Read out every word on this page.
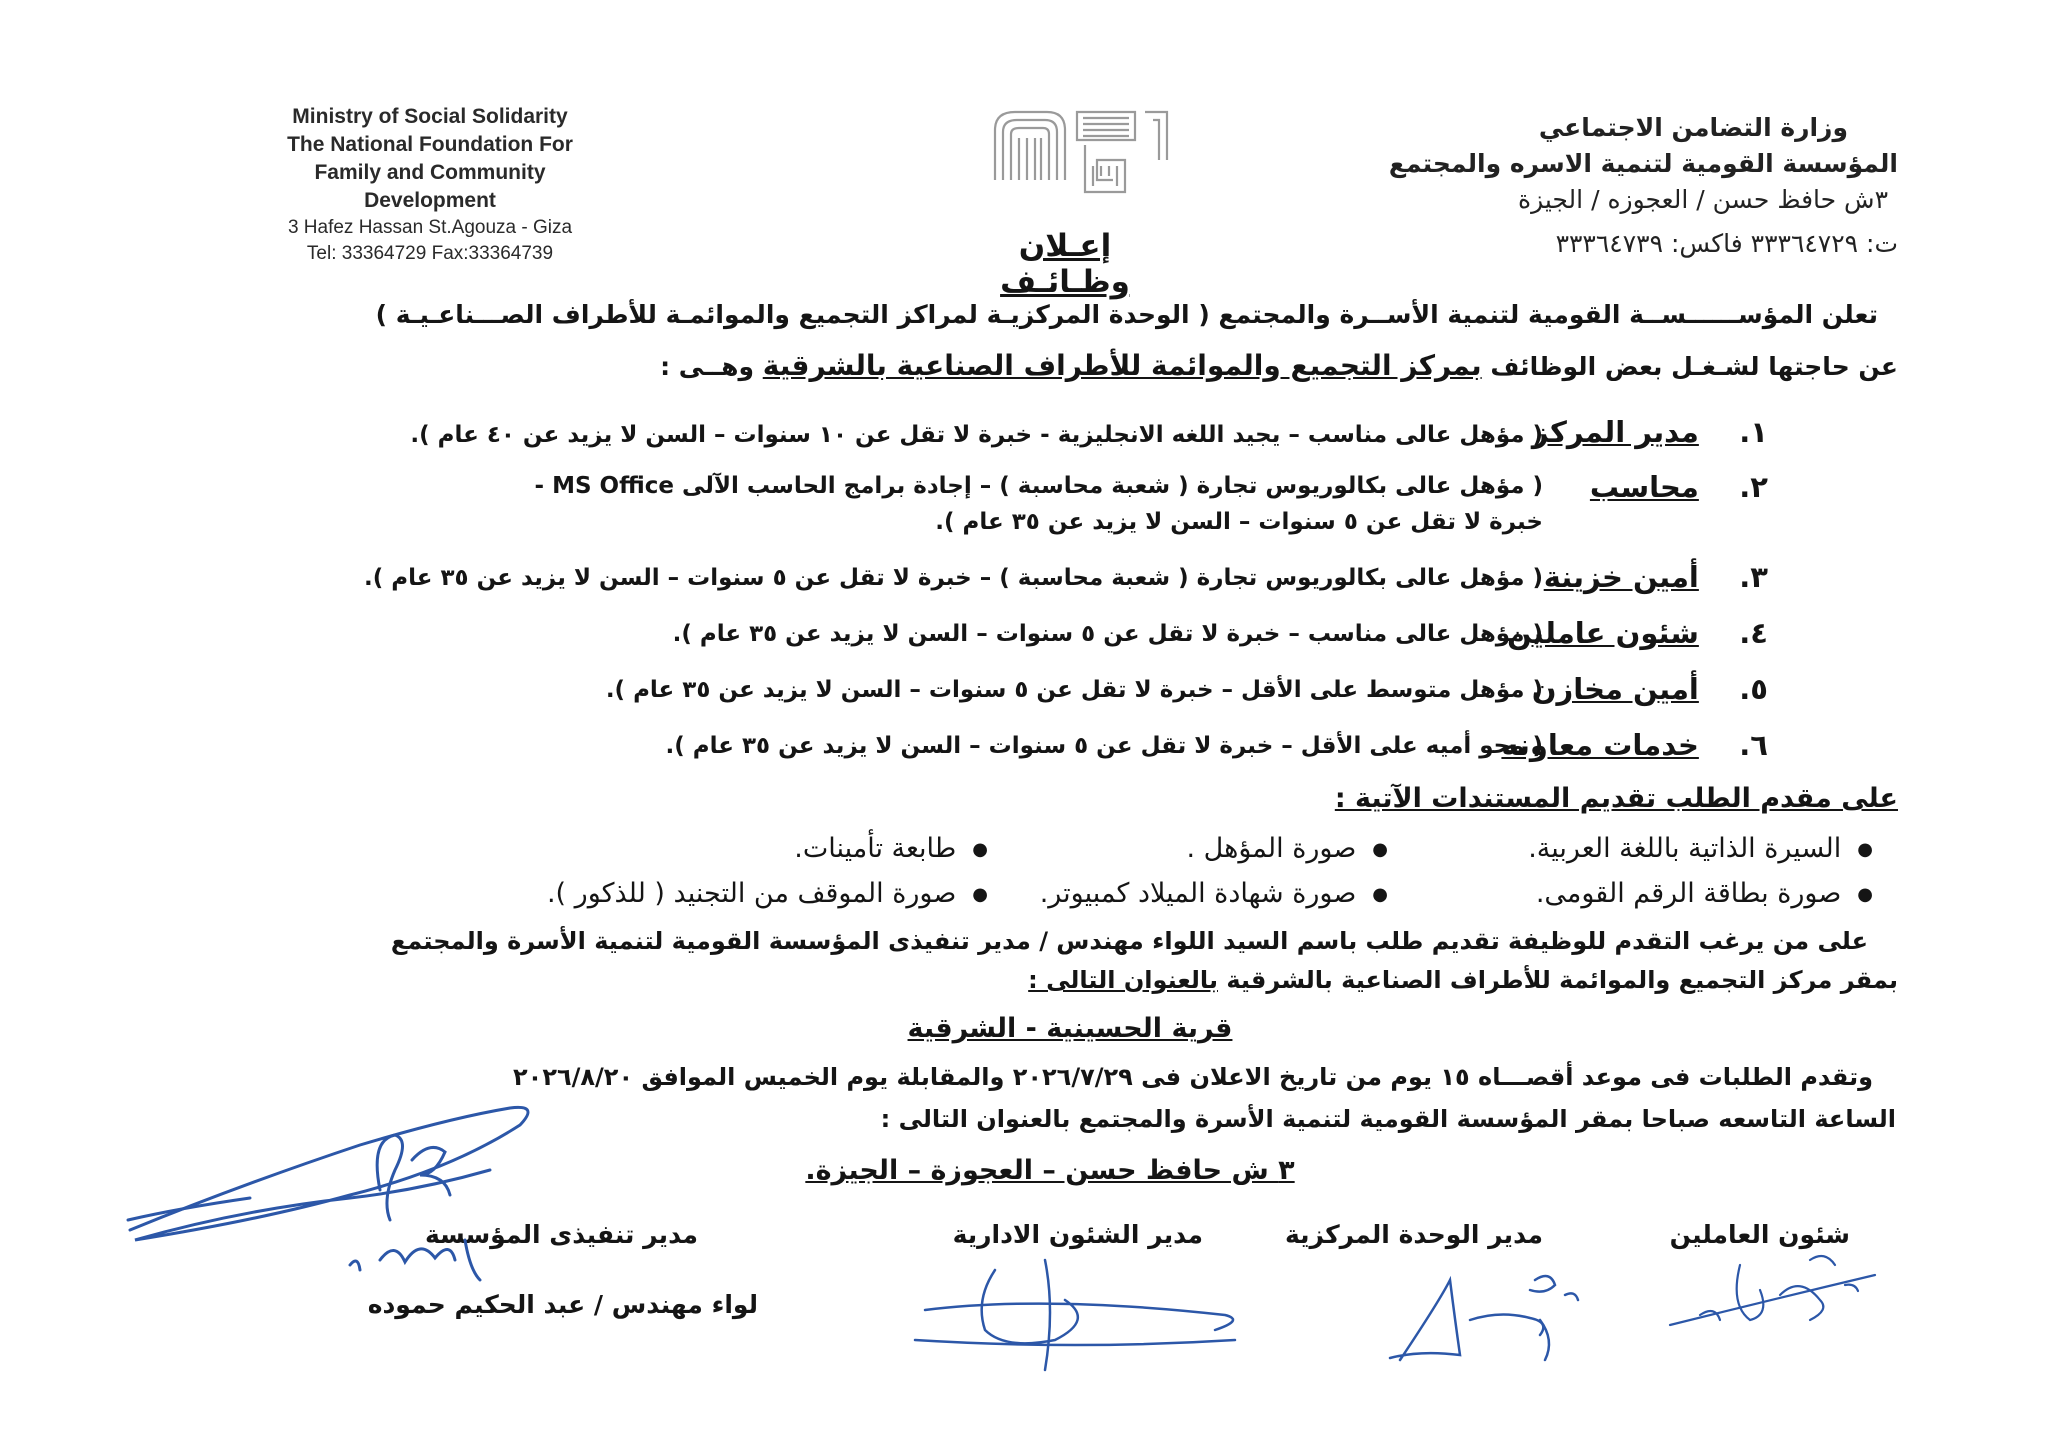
Ministry of Social Solidarity
The National Foundation For
Family and Community
Development
3 Hafez Hassan St.Agouza - Giza
Tel: 33364729 Fax:33364739
وزارة التضامن الاجتماعي
المؤسسة القومية لتنمية الاسره والمجتمع
٣ش حافظ حسن / العجوزه / الجيزة
ت: ٣٣٣٦٤٧٢٩ فاكس: ٣٣٣٦٤٧٣٩
إعـلان وظـائـف
تعلن المؤســــــســة القومية لتنمية الأســرة والمجتمع ( الوحدة المركزيـة لمراكز التجميع والموائمـة للأطراف الصـــناعـيـة )
عن حاجتها لشـغـل بعض الوظائف بمركز التجميع والموائمة للأطراف الصناعية بالشرقية وهــى :
١.    مدير المركز
( مؤهل عالى مناسب – يجيد اللغه الانجليزية - خبرة لا تقل عن ١٠ سنوات – السن لا يزيد عن ٤٠ عام ).
٢.    محاسب
( مؤهل عالى بكالوريوس تجارة ( شعبة محاسبة ) – إجادة برامج الحاسب الآلى MS Office - خبرة لا تقل عن ٥ سنوات – السن لا يزيد عن ٣٥ عام ).
٣.    أمين خزينة
( مؤهل عالى بكالوريوس تجارة ( شعبة محاسبة ) – خبرة لا تقل عن ٥ سنوات – السن لا يزيد عن ٣٥ عام ).
٤.    شئون عاملين
( مؤهل عالى مناسب – خبرة لا تقل عن ٥ سنوات – السن لا يزيد عن ٣٥ عام ).
٥.    أمين مخازن
( مؤهل متوسط على الأقل – خبرة لا تقل عن ٥ سنوات – السن لا يزيد عن ٣٥ عام ).
٦.    خدمات معاونه
( محو أميه على الأقل – خبرة لا تقل عن ٥ سنوات – السن لا يزيد عن ٣٥ عام ).
على مقدم الطلب تقديم المستندات الآتية :
●السيرة الذاتية باللغة العربية.
●صورة المؤهل .
●طابعة تأمينات.
●صورة بطاقة الرقم القومى.
●صورة شهادة الميلاد كمبيوتر.
●صورة الموقف من التجنيد ( للذكور ).
على من يرغب التقدم للوظيفة تقديم طلب باسم السيد اللواء مهندس / مدير تنفيذى المؤسسة القومية لتنمية الأسرة والمجتمع
بمقر مركز التجميع والموائمة للأطراف الصناعية بالشرقية بالعنوان التالى :
قرية الحسينية - الشرقية
وتقدم الطلبات فى موعد أقصـــاه ١٥ يوم من تاريخ الاعلان فى ٢٠٢٦/٧/٢٩ والمقابلة يوم الخميس الموافق ٢٠٢٦/٨/٢٠
الساعة التاسعه صباحا بمقر المؤسسة القومية لتنمية الأسرة والمجتمع بالعنوان التالى :
٣ ش حافظ حسن – العجوزة – الجيزة.
شئون العاملين
مدير الوحدة المركزية
مدير الشئون الادارية
مدير تنفيذى المؤسسة
لواء مهندس / عبد الحكيم حموده
